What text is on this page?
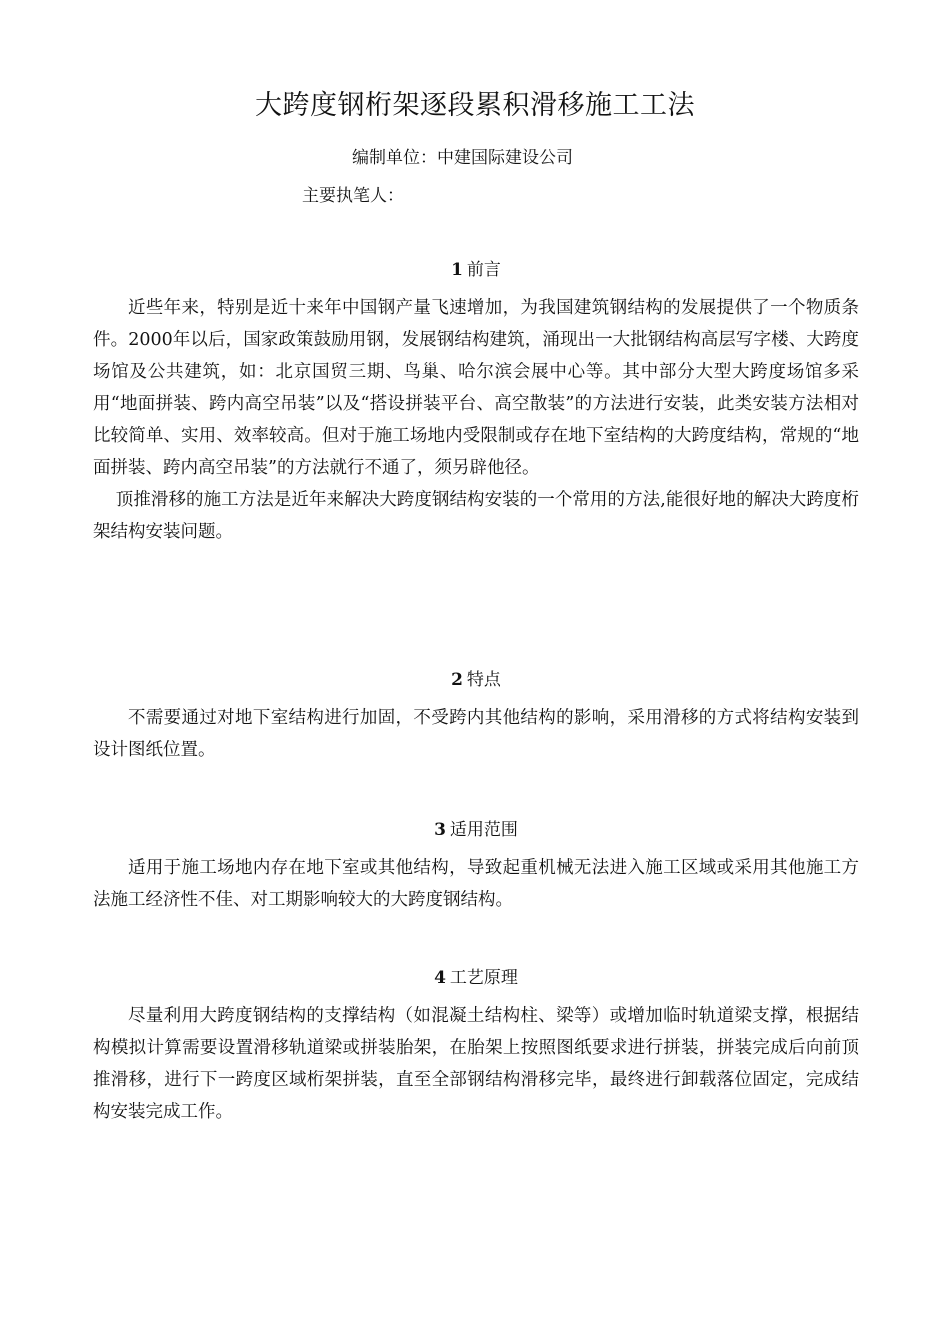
大跨度钢桁架逐段累积滑移施工工法

编制单位：中建国际建设公司

主要执笔人：

1 前言

近些年来，特别是近十来年中国钢产量飞速增加，为我国建筑钢结构的发展提供了一个物质条件。2000年以后，国家政策鼓励用钢，发展钢结构建筑，涌现出一大批钢结构高层写字楼、大跨度场馆及公共建筑，如：北京国贸三期、鸟巢、哈尔滨会展中心等。其中部分大型大跨度场馆多采用“地面拼装、跨内高空吊装”以及“搭设拼装平台、高空散装”的方法进行安装，此类安装方法相对比较简单、实用、效率较高。但对于施工场地内受限制或存在地下室结构的大跨度结构，常规的“地面拼装、跨内高空吊装”的方法就行不通了，须另辟他径。

顶推滑移的施工方法是近年来解决大跨度钢结构安装的一个常用的方法,能很好地的解决大跨度桁架结构安装问题。

2 特点

不需要通过对地下室结构进行加固，不受跨内其他结构的影响，采用滑移的方式将结构安装到设计图纸位置。

3 适用范围

适用于施工场地内存在地下室或其他结构，导致起重机械无法进入施工区域或采用其他施工方法施工经济性不佳、对工期影响较大的大跨度钢结构。

4 工艺原理

尽量利用大跨度钢结构的支撑结构（如混凝土结构柱、梁等）或增加临时轨道梁支撑，根据结构模拟计算需要设置滑移轨道梁或拼装胎架，在胎架上按照图纸要求进行拼装，拼装完成后向前顶推滑移，进行下一跨度区域桁架拼装，直至全部钢结构滑移完毕，最终进行卸载落位固定，完成结构安装完成工作。
